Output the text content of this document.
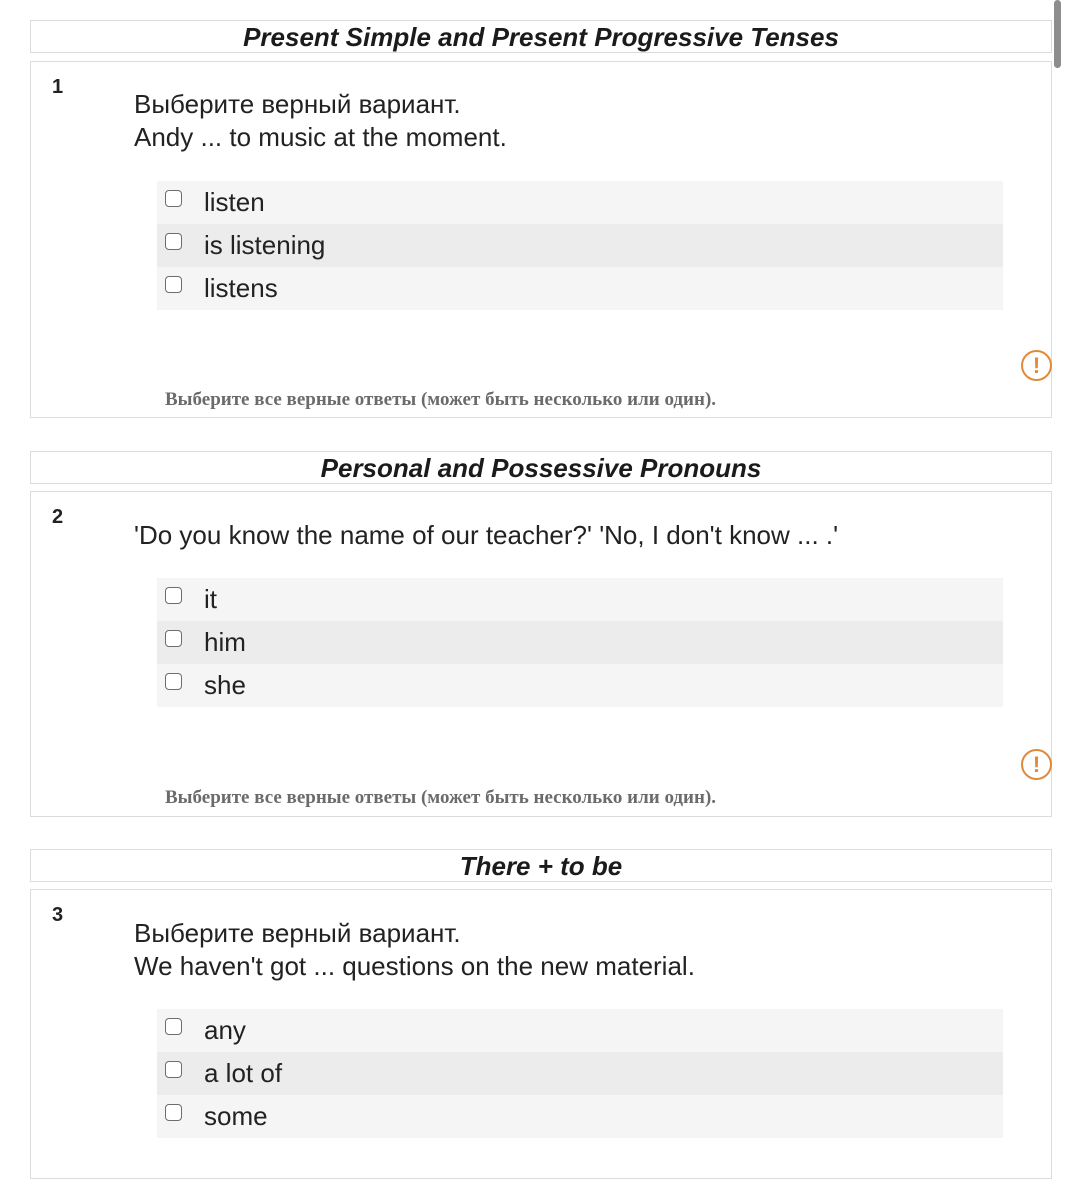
Present Simple and Present Progressive Tenses
1
Выберите верный вариант.
Andy ... to music at the moment.
listen
is listening
listens
!
Выберите все верные ответы (может быть несколько или один).
Personal and Possessive Pronouns
2
'Do you know the name of our teacher?' 'No, I don't know ... .'
it
him
she
!
Выберите все верные ответы (может быть несколько или один).
There + to be
3
Выберите верный вариант.
We haven't got ... questions on the new material.
any
a lot of
some
